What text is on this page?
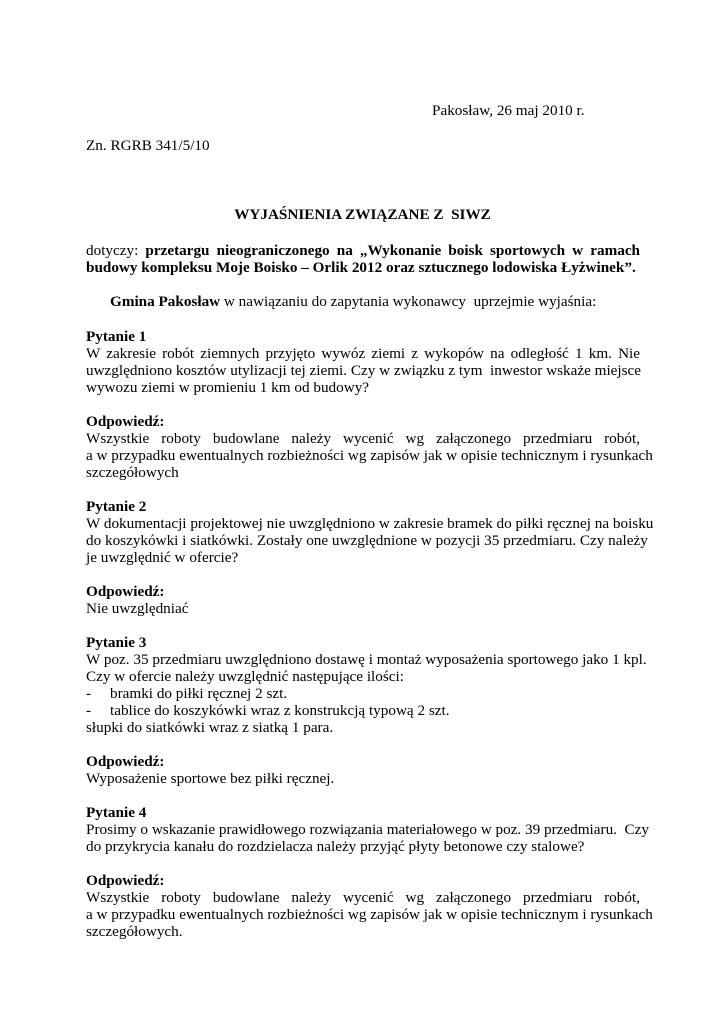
Pakosław, 26 maj 2010 r.
Zn. RGRB 341/5/10
WYJAŚNIENIA ZWIĄZANE Z  SIWZ
dotyczy: przetargu nieograniczonego na „Wykonanie boisk sportowych w ramach
budowy kompleksu Moje Boisko – Orlik 2012 oraz sztucznego lodowiska Łyżwinek”.
Gmina Pakosław w nawiązaniu do zapytania wykonawcy  uprzejmie wyjaśnia:
Pytanie 1
W zakresie robót ziemnych przyjęto wywóz ziemi z wykopów na odległość 1 km. Nie
uwzględniono kosztów utylizacji tej ziemi. Czy w związku z tym  inwestor wskaże miejsce
wywozu ziemi w promieniu 1 km od budowy?
Odpowiedź:
Wszystkie roboty budowlane należy wycenić wg załączonego przedmiaru robót,
a w przypadku ewentualnych rozbieżności wg zapisów jak w opisie technicznym i rysunkach
szczegółowych
Pytanie 2
W dokumentacji projektowej nie uwzględniono w zakresie bramek do piłki ręcznej na boisku
do koszykówki i siatkówki. Zostały one uwzględnione w pozycji 35 przedmiaru. Czy należy
je uwzględnić w ofercie?
Odpowiedź:
Nie uwzględniać
Pytanie 3
W poz. 35 przedmiaru uwzględniono dostawę i montaż wyposażenia sportowego jako 1 kpl.
Czy w ofercie należy uwzględnić następujące ilości:
- bramki do piłki ręcznej 2 szt.
- tablice do koszykówki wraz z konstrukcją typową 2 szt.
słupki do siatkówki wraz z siatką 1 para.
Odpowiedź:
Wyposażenie sportowe bez piłki ręcznej.
Pytanie 4
Prosimy o wskazanie prawidłowego rozwiązania materiałowego w poz. 39 przedmiaru.  Czy
do przykrycia kanału do rozdzielacza należy przyjąć płyty betonowe czy stalowe?
Odpowiedź:
Wszystkie roboty budowlane należy wycenić wg załączonego przedmiaru robót,
a w przypadku ewentualnych rozbieżności wg zapisów jak w opisie technicznym i rysunkach
szczegółowych.
